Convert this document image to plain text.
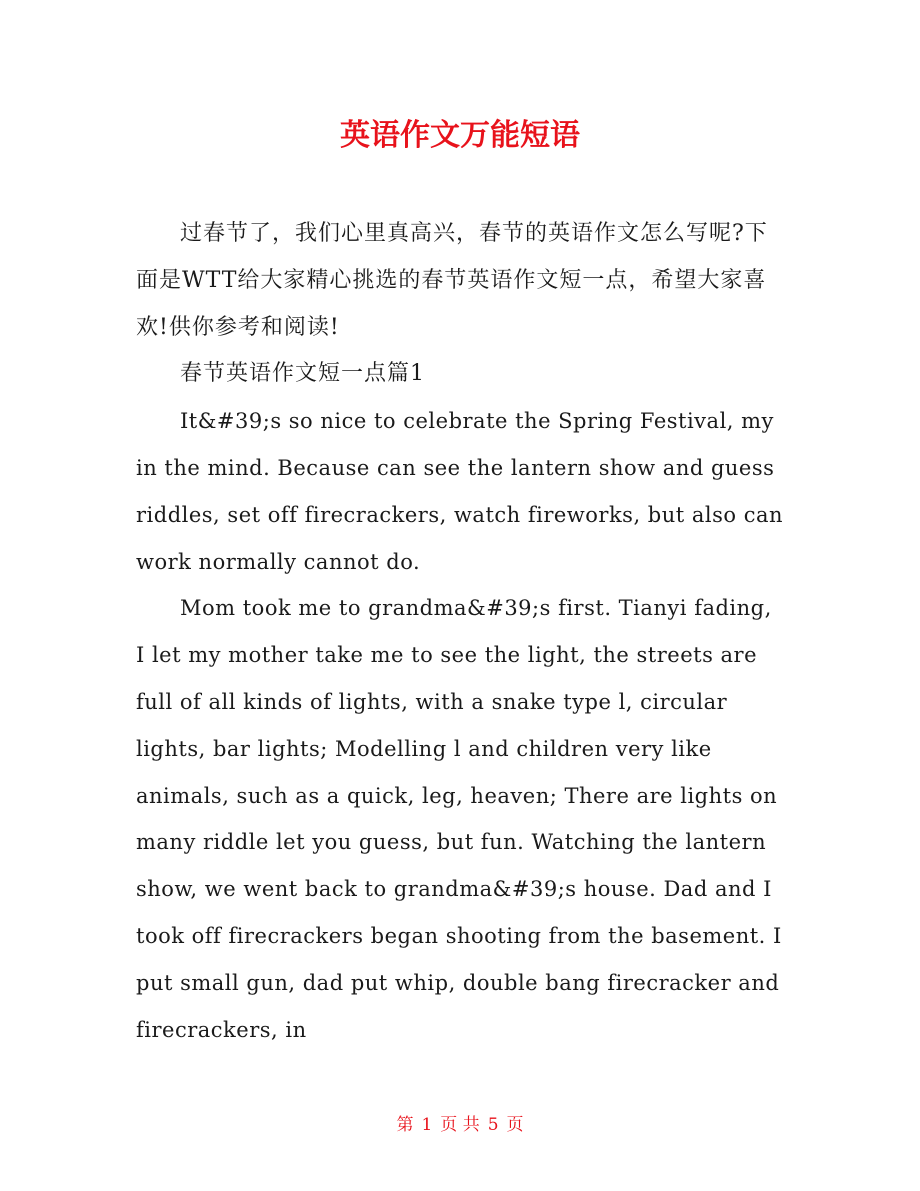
英语作文万能短语

过春节了，我们心里真高兴，春节的英语作文怎么写呢?下面是WTT给大家精心挑选的春节英语作文短一点，希望大家喜欢!供你参考和阅读!

春节英语作文短一点篇1

It&#39;s so nice to celebrate the Spring Festival, my in the mind. Because can see the lantern show and guess riddles, set off firecrackers, watch fireworks, but also can work normally cannot do.

Mom took me to grandma&#39;s first. Tianyi fading, I let my mother take me to see the light, the streets are full of all kinds of lights, with a snake type l, circular lights, bar lights; Modelling l and children very like animals, such as a quick, leg, heaven; There are lights on many riddle let you guess, but fun. Watching the lantern show, we went back to grandma&#39;s house. Dad and I took off firecrackers began shooting from the basement. I put small gun, dad put whip, double bang firecracker and firecrackers, in

第 1 页 共 5 页
